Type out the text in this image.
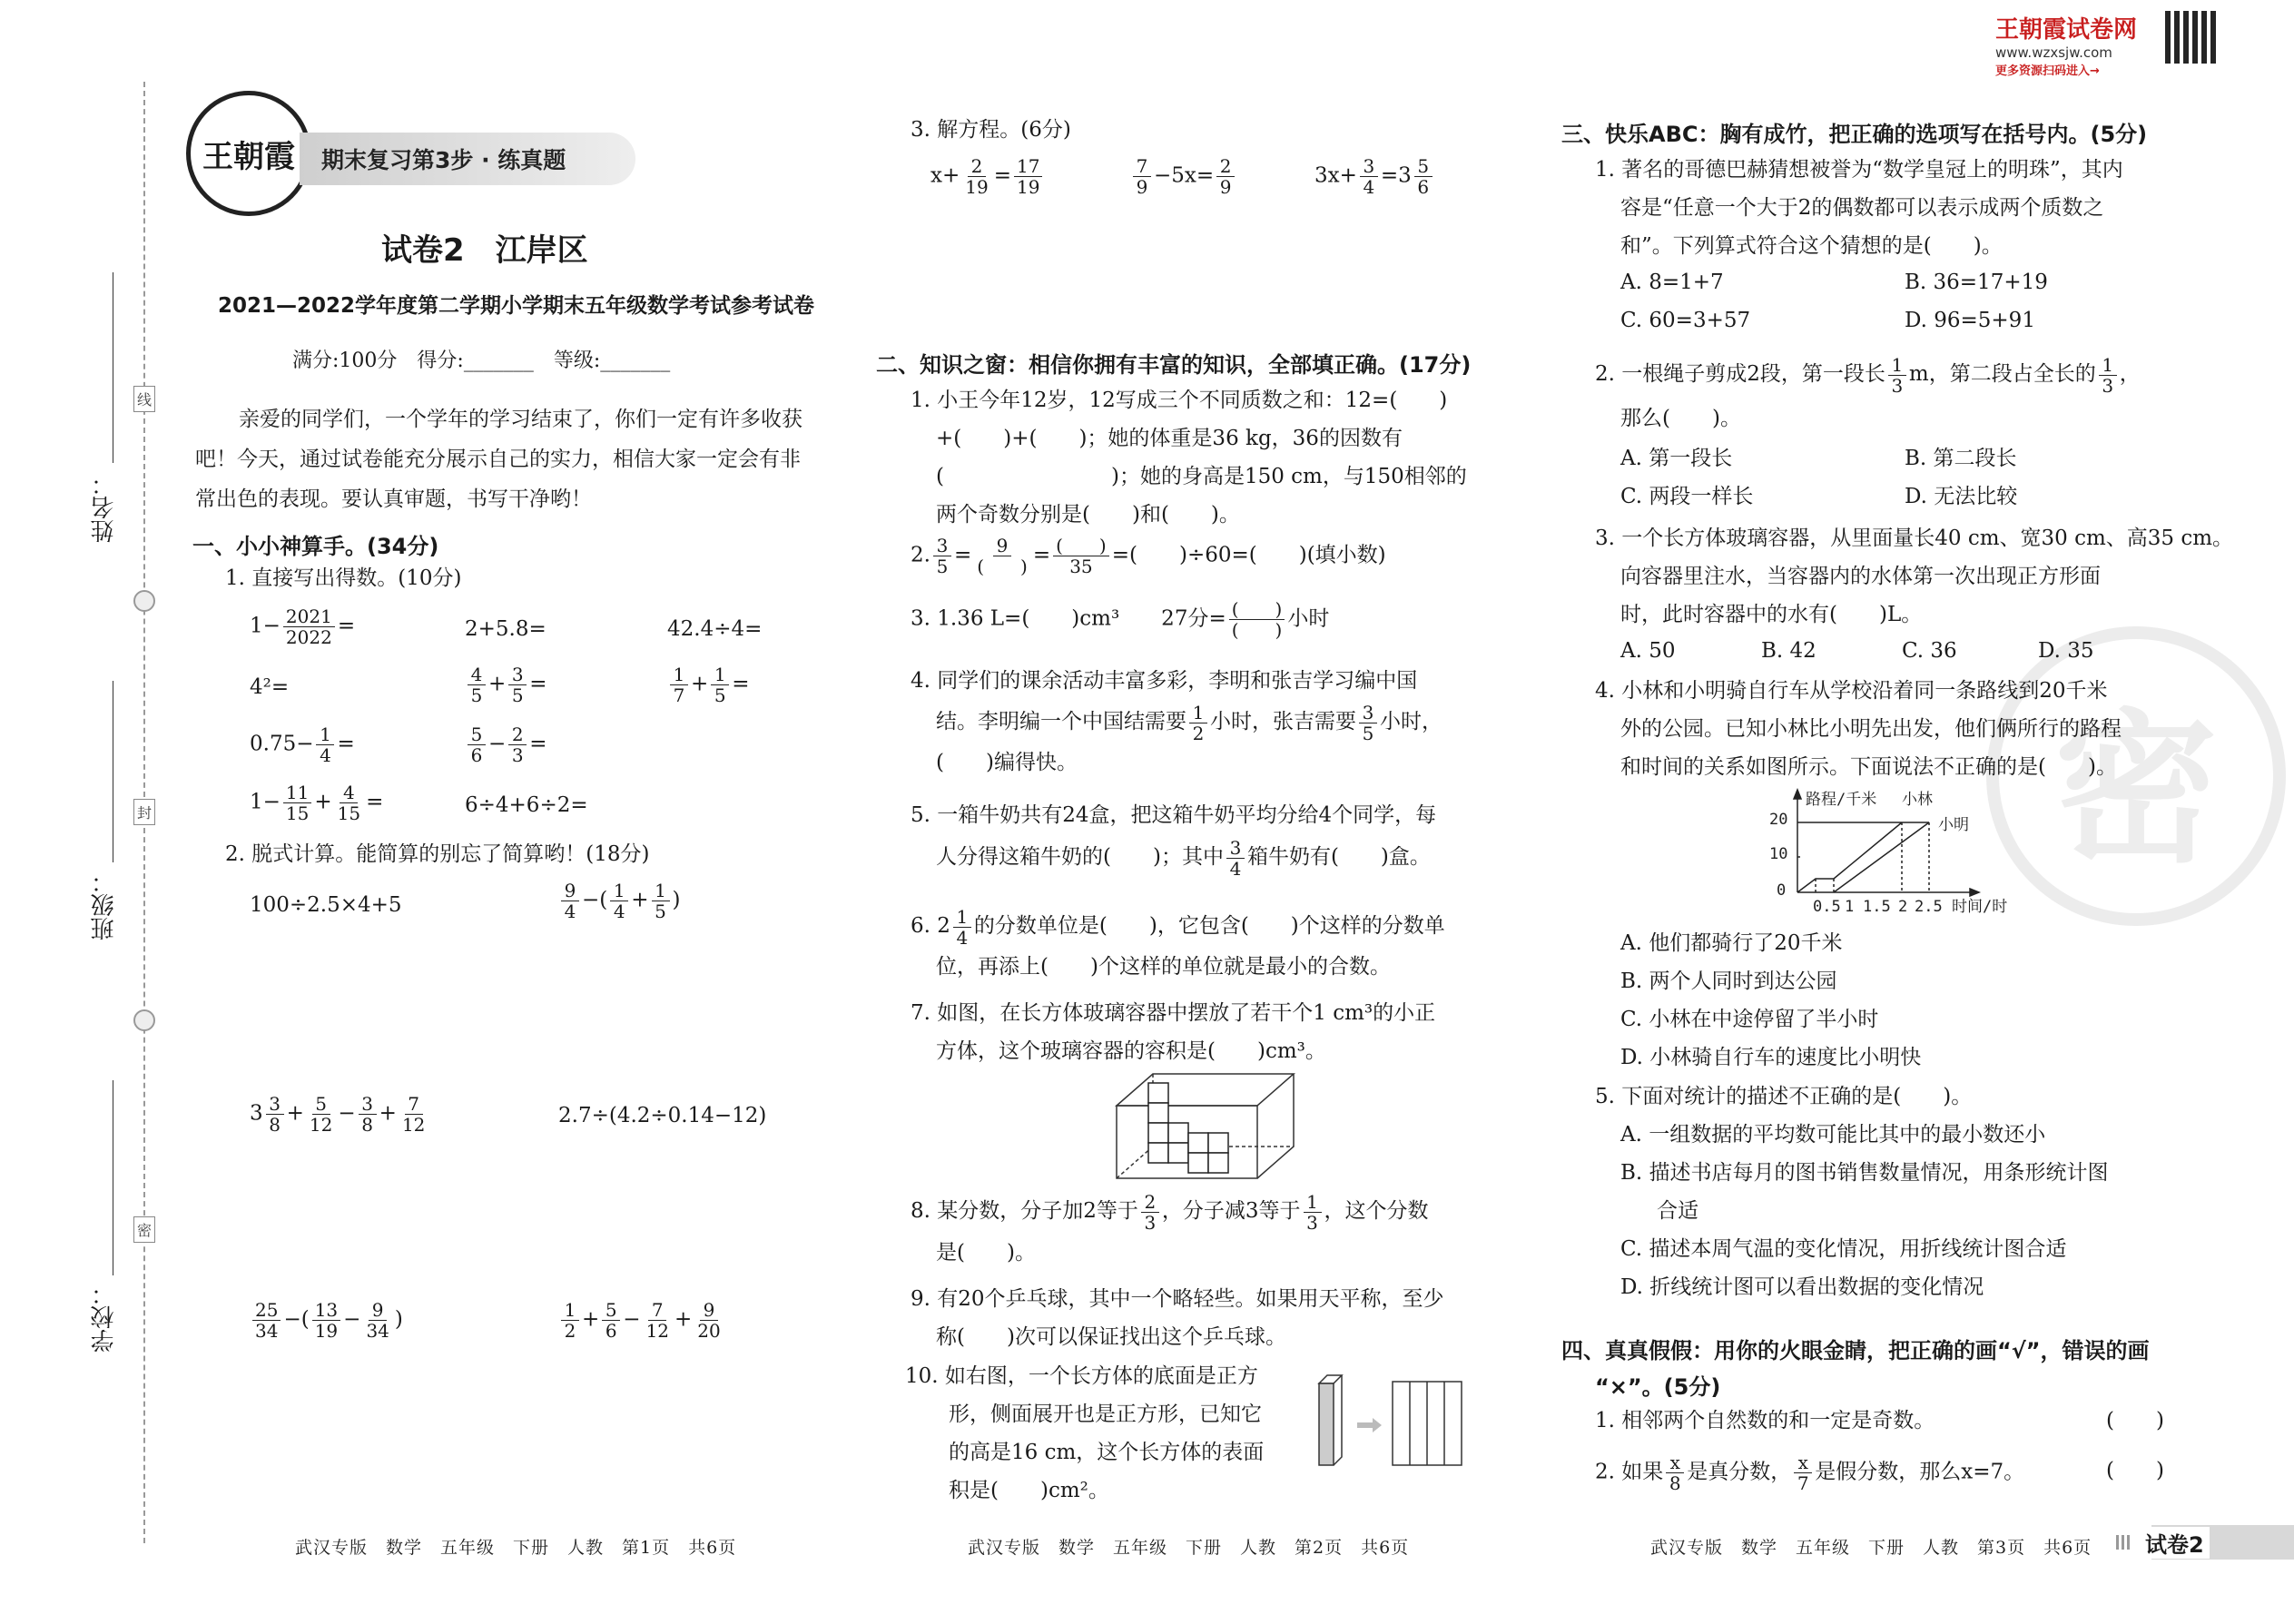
王朝霞试卷网
www.wzxsjw.com
更多资源扫码进入→
线
封
密
姓名：
班级：
学校：
王朝霞 期末复习第3步 · 练真题
试卷2　江岸区
2021—2022学年度第二学期小学期末五年级数学考试参考试卷
满分:100分　得分:_______　等级:_______
亲爱的同学们，一个学年的学习结束了，你们一定有许多收获
吧！今天，通过试卷能充分展示自己的实力，相信大家一定会有非
常出色的表现。要认真审题，书写干净哟！
一、小小神算手。(34分)
1. 直接写出得数。(10分)
$1- \frac{2021}{2022}$ =	2+5.8=	42.4÷4=
4²=	$\frac{4}{5} + \frac{3}{5}$ =	$\frac{1}{7} + \frac{1}{5}$ =
$0.75- \frac{1}{4}$ =	$\frac{5}{6} - \frac{2}{3}$ =
$1- \frac{11}{15} + \frac{4}{15}$ =	6÷4+6÷2=
2. 脱式计算。能简算的别忘了简算哟！(18分)
100÷2.5×4+5	$\frac{9}{4}$ −( $\frac{1}{4} + \frac{1}{5}$ )
$3 \frac{3}{8} + \frac{5}{12} - \frac{3}{8} + \frac{7}{12}$	2.7÷(4.2÷0.14−12)
$\frac{25}{34}$ −( $\frac{13}{19} - \frac{9}{34}$ )	$\frac{1}{2} + \frac{5}{6} - \frac{7}{12} + \frac{9}{20}$
武汉专版　数学　五年级　下册　人教　第1页　共6页
3. 解方程。(6分)
$x+ \frac{2}{19} = \frac{17}{19}$	$\frac{7}{9} -5x= \frac{2}{9}$	$3x+ \frac{3}{4} =3 \frac{5}{6}$
二、知识之窗：相信你拥有丰富的知识，全部填正确。(17分)
1. 小王今年12岁，12写成三个不同质数之和：12=(　　)
+(　　)+(　　)；她的体重是36 kg，36的因数有
(　　　　　　　　)；她的身高是150 cm，与150相邻的
两个奇数分别是(　　)和(　　)。
2. $\frac{3}{5} = \frac{9}{( )} = \frac{( )}{35}$ =(　　)÷60=(　　)(填小数)
3. 1.36 L=(　　)cm³　　27分= $\frac{( )}{( )}$ 小时
4. 同学们的课余活动丰富多彩，李明和张吉学习编中国
结。李明编一个中国结需要 $\frac{1}{2}$ 小时，张吉需要 $\frac{3}{5}$ 小时，
(　　)编得快。
5. 一箱牛奶共有24盒，把这箱牛奶平均分给4个同学，每
人分得这箱牛奶的(　　)；其中 $\frac{3}{4}$ 箱牛奶有(　　)盒。
6. $2 \frac{1}{4}$ 的分数单位是(　　)，它包含(　　)个这样的分数单
位，再添上(　　)个这样的单位就是最小的合数。
7. 如图，在长方体玻璃容器中摆放了若干个1 cm³的小正
方体，这个玻璃容器的容积是(　　)cm³。
8. 某分数，分子加2等于 $\frac{2}{3}$ ，分子减3等于 $\frac{1}{3}$ ，这个分数
是(　　)。
9. 有20个乒乓球，其中一个略轻些。如果用天平称，至少
称(　　)次可以保证找出这个乒乓球。
10. 如右图，一个长方体的底面是正方
形，侧面展开也是正方形，已知它
的高是16 cm，这个长方体的表面
积是(　　)cm²。
武汉专版　数学　五年级　下册　人教　第2页　共6页
密
三、快乐ABC：胸有成竹，把正确的选项写在括号内。(5分)
1. 著名的哥德巴赫猜想被誉为“数学皇冠上的明珠”，其内
容是“任意一个大于2的偶数都可以表示成两个质数之
和”。下列算式符合这个猜想的是(　　)。
A. 8=1+7	B. 36=17+19
C. 60=3+57	D. 96=5+91
2. 一根绳子剪成2段，第一段长 $\frac{1}{3}$ m，第二段占全长的 $\frac{1}{3}$ ，
那么(　　)。
A. 第一段长	B. 第二段长
C. 两段一样长	D. 无法比较
3. 一个长方体玻璃容器，从里面量长40 cm、宽30 cm、高35 cm。
向容器里注水，当容器内的水体第一次出现正方形面
时，此时容器中的水有(　　)L。
A. 50	B. 42	C. 36	D. 35
4. 小林和小明骑自行车从学校沿着同一条路线到20千米
外的公园。已知小林比小明先出发，他们俩所行的路程
和时间的关系如图所示。下面说法不正确的是(　　)。
路程/千米 小林
小明
时间/时
0
10
20
0.5 1 1.5 2 2.5
A. 他们都骑行了20千米
B. 两个人同时到达公园
C. 小林在中途停留了半小时
D. 小林骑自行车的速度比小明快
5. 下面对统计的描述不正确的是(　　)。
A. 一组数据的平均数可能比其中的最小数还小
B. 描述书店每月的图书销售数量情况，用条形统计图
合适
C. 描述本周气温的变化情况，用折线统计图合适
D. 折线统计图可以看出数据的变化情况
四、真真假假：用你的火眼金睛，把正确的画“√”，错误的画
“×”。(5分)
1. 相邻两个自然数的和一定是奇数。	(　　)
2. 如果 $\frac{x}{8}$ 是真分数， $\frac{x}{7}$ 是假分数，那么x=7。	(　　)
武汉专版　数学　五年级　下册　人教　第3页　共6页 试卷2
